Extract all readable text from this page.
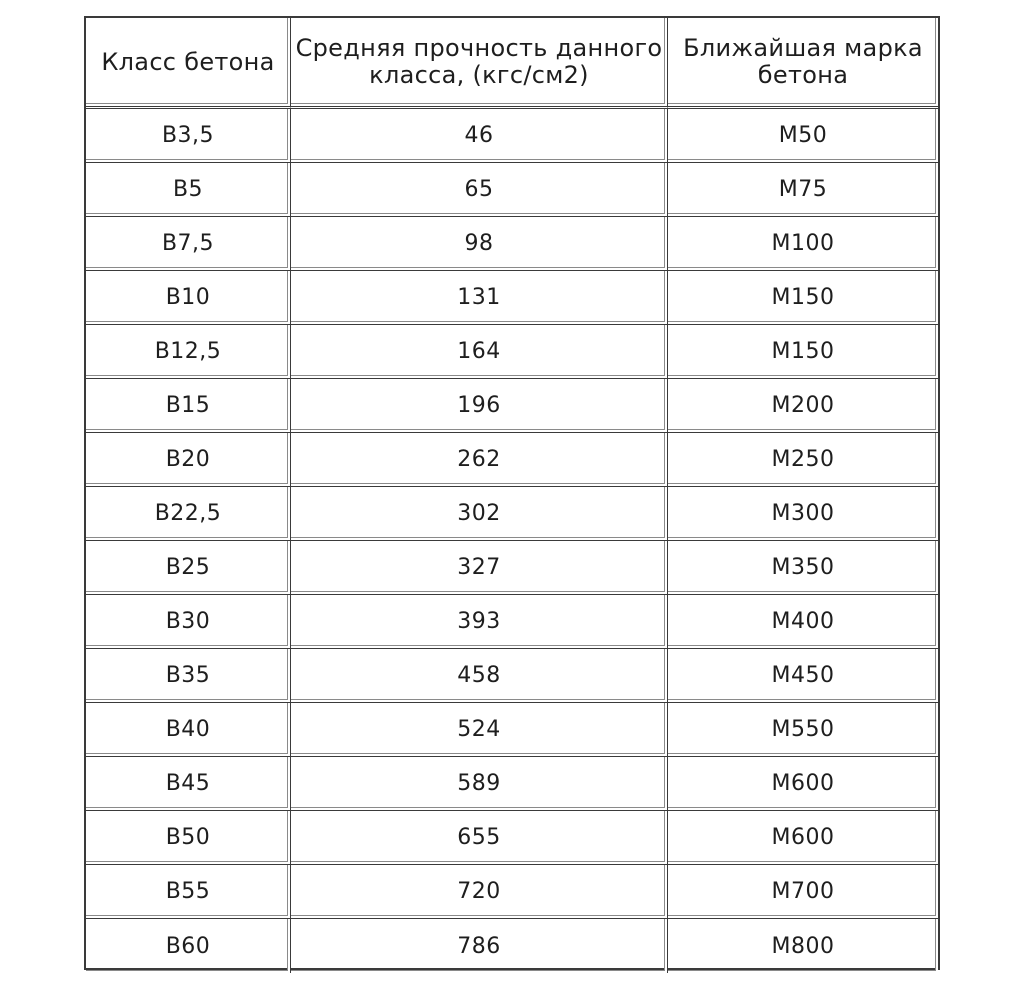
Класс бетона	Средняя прочность данного класса, (кгс/см2)	Ближайшая марка бетона
B3,5	46	M50
B5	65	M75
B7,5	98	M100
B10	131	M150
B12,5	164	M150
B15	196	M200
B20	262	M250
B22,5	302	M300
B25	327	M350
B30	393	M400
B35	458	M450
B40	524	M550
B45	589	M600
B50	655	M600
B55	720	M700
B60	786	M800
